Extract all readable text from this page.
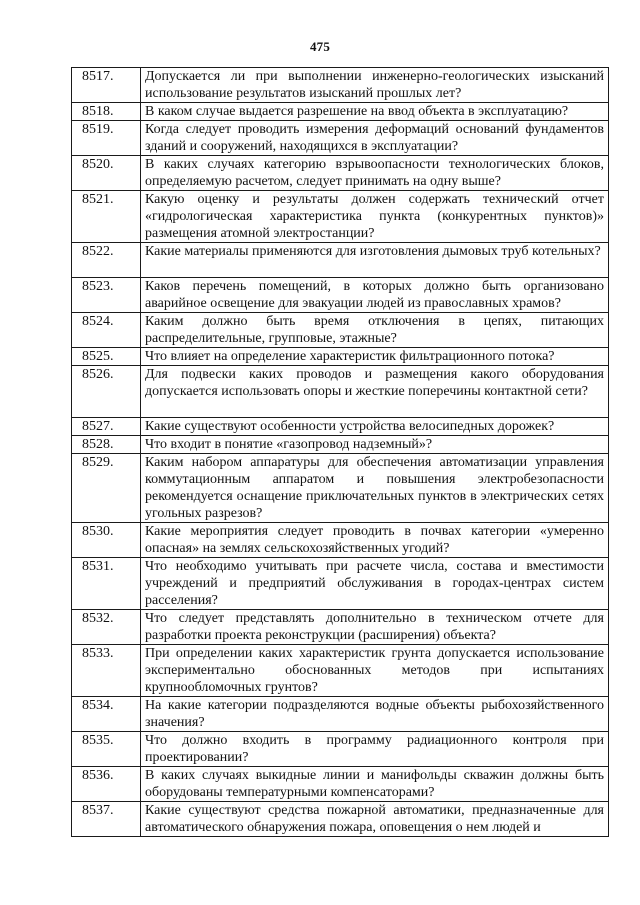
475
8517.	Допускается ли при выполнении инженерно-геологических изысканий использование результатов изысканий прошлых лет?
8518.	В каком случае выдается разрешение на ввод объекта в эксплуатацию?
8519.	Когда следует проводить измерения деформаций оснований фундаментов зданий и сооружений, находящихся в эксплуатации?
8520.	В каких случаях категорию взрывоопасности технологических блоков, определяемую расчетом, следует принимать на одну выше?
8521.	Какую оценку и результаты должен содержать технический отчет «гидрологическая характеристика пункта (конкурентных пунктов)» размещения атомной электростанции?
8522.	Какие материалы применяются для изготовления дымовых труб котельных?
8523.	Каков перечень помещений, в которых должно быть организовано аварийное освещение для эвакуации людей из православных храмов?
8524.	Каким должно быть время отключения в цепях, питающих распределительные, групповые, этажные?
8525.	Что влияет на определение характеристик фильтрационного потока?
8526.	Для подвески каких проводов и размещения какого оборудования допускается использовать опоры и жесткие поперечины контактной сети?
8527.	Какие существуют особенности устройства велосипедных дорожек?
8528.	Что входит в понятие «газопровод надземный»?
8529.	Каким набором аппаратуры для обеспечения автоматизации управления коммутационным аппаратом и повышения электробезопасности рекомендуется оснащение приключательных пунктов в электрических сетях угольных разрезов?
8530.	Какие мероприятия следует проводить в почвах категории «умеренно опасная» на землях сельскохозяйственных угодий?
8531.	Что необходимо учитывать при расчете числа, состава и вместимости учреждений и предприятий обслуживания в городах-центрах систем расселения?
8532.	Что следует представлять дополнительно в техническом отчете для разработки проекта реконструкции (расширения) объекта?
8533.	При определении каких характеристик грунта допускается использование экспериментально обоснованных методов при испытаниях крупнообломочных грунтов?
8534.	На какие категории подразделяются водные объекты рыбохозяйственного значения?
8535.	Что должно входить в программу радиационного контроля при проектировании?
8536.	В каких случаях выкидные линии и манифольды скважин должны быть оборудованы температурными компенсаторами?
8537.	Какие существуют средства пожарной автоматики, предназначенные для автоматического обнаружения пожара, оповещения о нем людей и
